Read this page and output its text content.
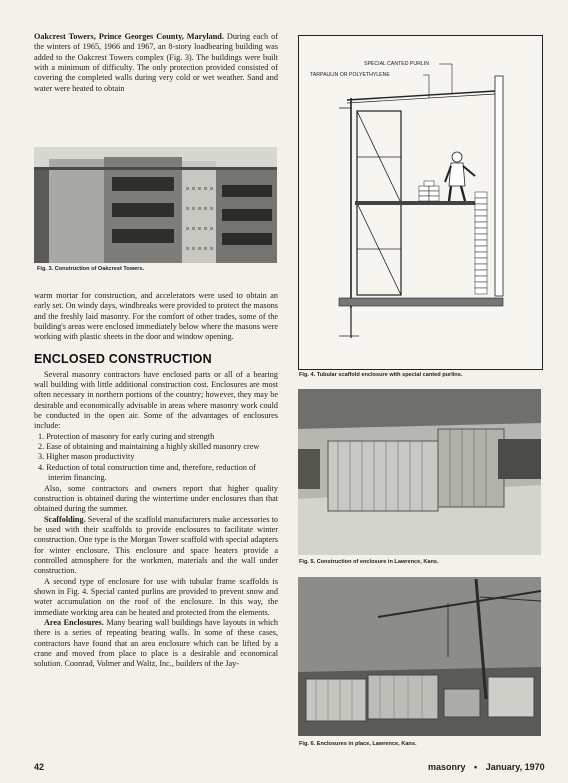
Oakcrest Towers, Prince Georges County, Maryland. During each of the winters of 1965, 1966 and 1967, an 8-story loadbearing building was added to the Oakcrest Towers complex (Fig. 3). The buildings were built with a minimum of difficulty. The only protection provided consisted of covering the completed walls during very cold or wet weather. Sand and water were heated to obtain

Fig. 3. Construction of Oakcrest Towers.

warm mortar for construction, and accelerators were used to obtain an early set. On windy days, windbreaks were provided to protect the masons and the freshly laid masonry. For the comfort of other trades, some of the building's areas were enclosed immediately below where the masons were working with plastic sheets in the door and window opening.

ENCLOSED CONSTRUCTION

Several masonry contractors have enclosed parts or all of a bearing wall building with little additional construction cost. Enclosures are most often necessary in northern portions of the country; however, they may be desirable and economically advisable in areas where masonry work could be conducted in the open air. Some of the advantages of enclosures include:

1. Protection of masonry for early curing and strength
2. Ease of obtaining and maintaining a highly skilled masonry crew
3. Higher mason productivity
4. Reduction of total construction time and, therefore, reduction of interim financing.

Also, some contractors and owners report that higher quality construction is obtained during the wintertime under enclosures than that obtained during the summer.

Scaffolding. Several of the scaffold manufacturers make accessories to be used with their scaffolds to provide enclosures to facilitate winter construction. One type is the Morgan Tower scaffold with special adapters for winter enclosure. This enclosure and space heaters provide a controlled atmosphere for the workmen, materials and the wall under construction.

A second type of enclosure for use with tubular frame scaffolds is shown in Fig. 4. Special canted purlins are provided to prevent snow and water accumulation on the roof of the enclosure. In this way, the immediate working area can be heated and protected from the elements.

Area Enclosures. Many bearing wall buildings have layouts in which there is a series of repeating bearing walls. In some of these cases, contractors have found that an area enclosure which can be lifted by a crane and moved from place to place is a desirable and economical solution. Coonrad, Volmer and Waltz, Inc., builders of the Jay-

SPECIAL CANTED PURLIN
TARPAULIN OR POLYETHYLENE
Fig. 4. Tubular scaffold enclosure with special canted purlins.
Fig. 5. Construction of enclosure in Lawrence, Kans.
Fig. 6. Enclosures in place, Lawrence, Kans.
42	masonry • January, 1970
